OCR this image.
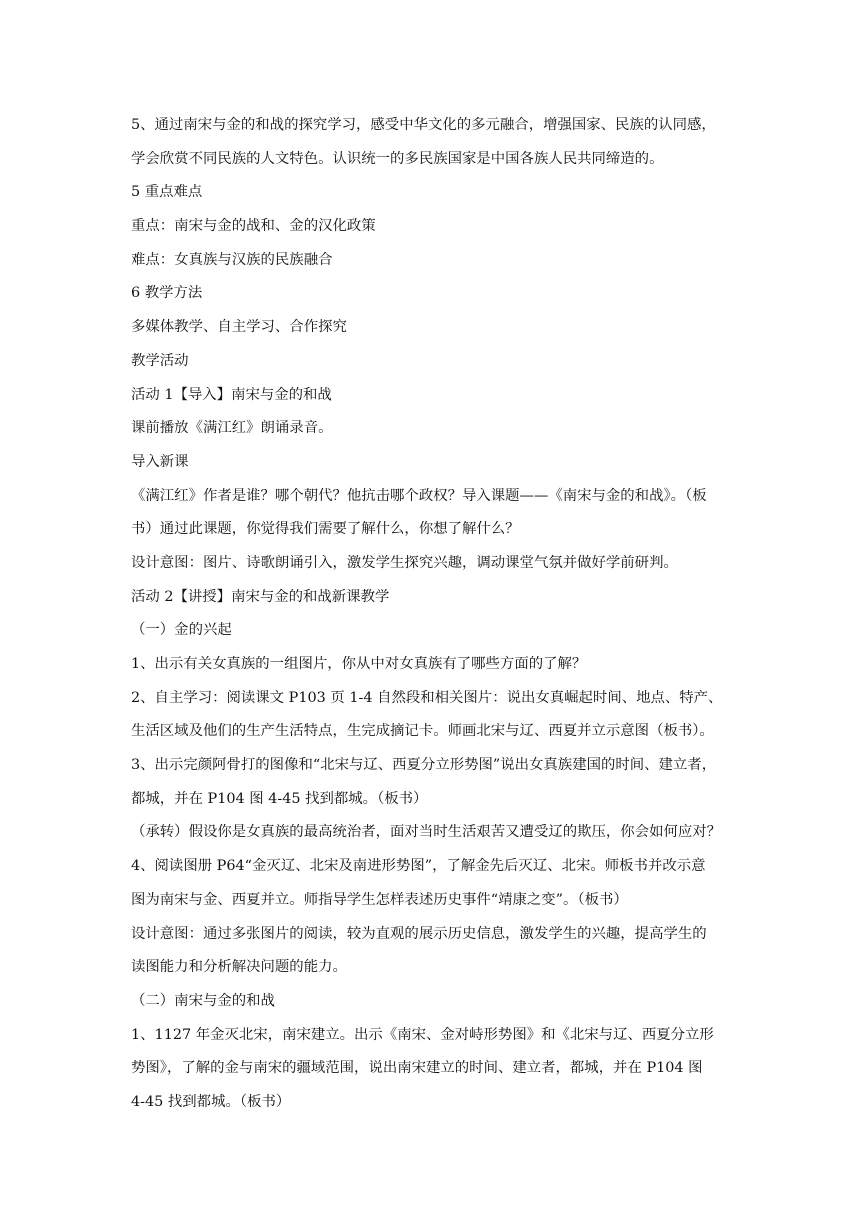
5、通过南宋与金的和战的探究学习，感受中华文化的多元融合，增强国家、民族的认同感，
学会欣赏不同民族的人文特色。认识统一的多民族国家是中国各族人民共同缔造的。
5 重点难点
重点：南宋与金的战和、金的汉化政策
难点：女真族与汉族的民族融合
6 教学方法
多媒体教学、自主学习、合作探究
教学活动
活动 1【导入】南宋与金的和战
课前播放《满江红》朗诵录音。
导入新课
《满江红》作者是谁？哪个朝代？他抗击哪个政权？导入课题——《南宋与金的和战》。（板
书）通过此课题，你觉得我们需要了解什么，你想了解什么？
设计意图：图片、诗歌朗诵引入，激发学生探究兴趣，调动课堂气氛并做好学前研判。
活动 2【讲授】南宋与金的和战新课教学
（一）金的兴起
1、出示有关女真族的一组图片，你从中对女真族有了哪些方面的了解？
2、自主学习：阅读课文 P103 页 1-4 自然段和相关图片：说出女真崛起时间、地点、特产、
生活区域及他们的生产生活特点，生完成摘记卡。师画北宋与辽、西夏并立示意图（板书）。
3、出示完颜阿骨打的图像和“北宋与辽、西夏分立形势图”说出女真族建国的时间、建立者，
都城，并在 P104 图 4-45 找到都城。（板书）
（承转）假设你是女真族的最高统治者，面对当时生活艰苦又遭受辽的欺压，你会如何应对？
4、阅读图册 P64“金灭辽、北宋及南进形势图”，了解金先后灭辽、北宋。师板书并改示意
图为南宋与金、西夏并立。师指导学生怎样表述历史事件“靖康之变”。（板书）
设计意图：通过多张图片的阅读，较为直观的展示历史信息，激发学生的兴趣，提高学生的
读图能力和分析解决问题的能力。
（二）南宋与金的和战
1、1127 年金灭北宋，南宋建立。出示《南宋、金对峙形势图》和《北宋与辽、西夏分立形
势图》，了解的金与南宋的疆域范围，说出南宋建立的时间、建立者，都城，并在 P104 图
4-45 找到都城。（板书）
